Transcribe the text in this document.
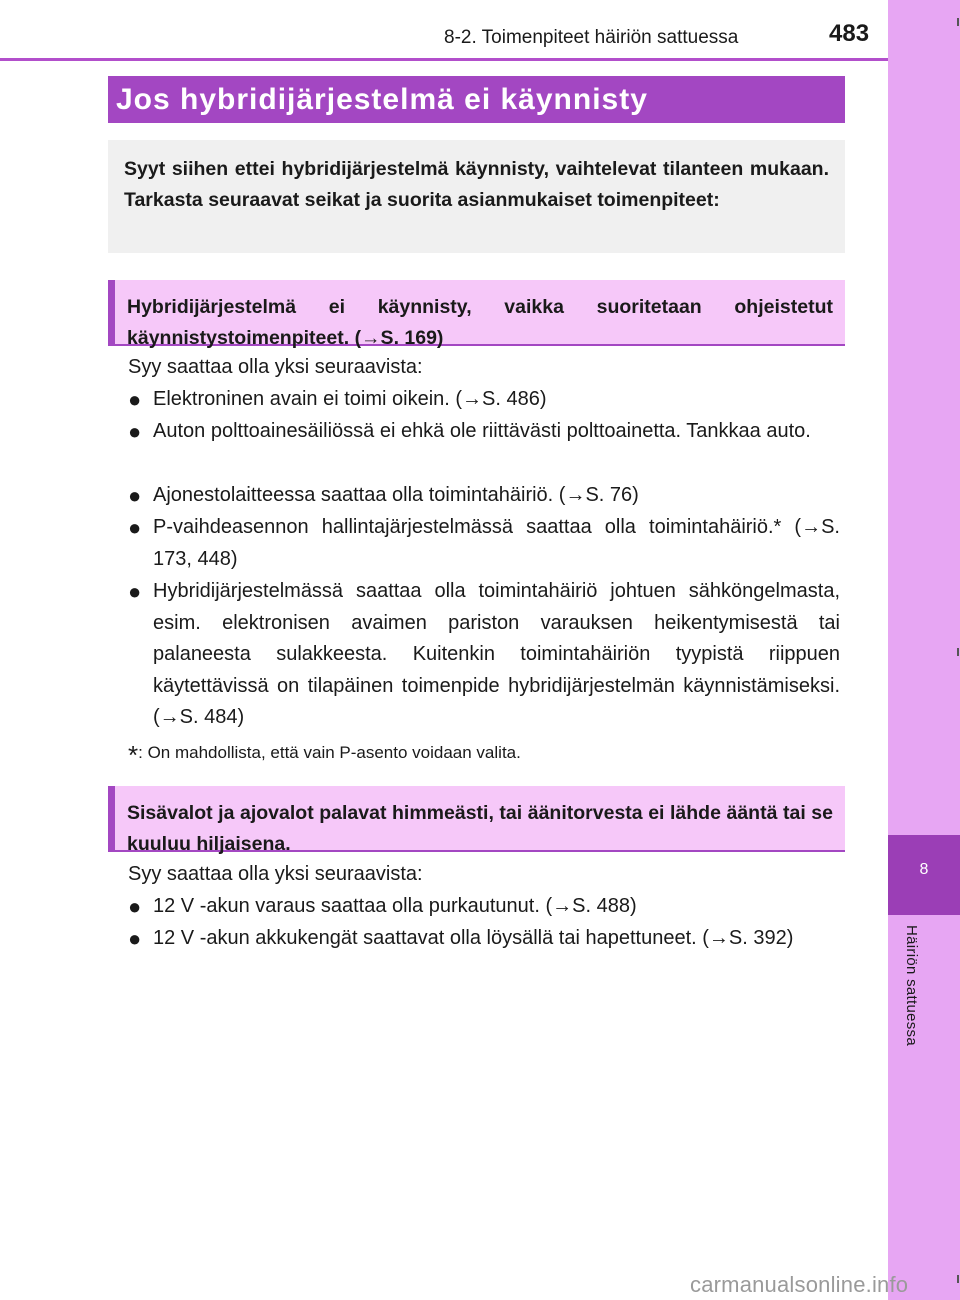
8
Häiriön sattuessa
8-2. Toimenpiteet häiriön sattuessa	483
Jos hybridijärjestelmä ei käynnisty
Syyt siihen ettei hybridijärjestelmä käynnisty, vaihtelevat tilanteen mukaan. Tarkasta seuraavat seikat ja suorita asianmukaiset toimenpiteet:
Hybridijärjestelmä ei käynnisty, vaikka suoritetaan ohjeistetut käynnistystoimenpiteet. (→S. 169)
Syy saattaa olla yksi seuraavista:
● Elektroninen avain ei toimi oikein. (→S. 486)
● Auton polttoainesäiliössä ei ehkä ole riittävästi polttoainetta. Tankkaa auto.
● Ajonestolaitteessa saattaa olla toimintahäiriö. (→S. 76)
● P-vaihdeasennon hallintajärjestelmässä saattaa olla toimintahäiriö.* (→S. 173, 448)
● Hybridijärjestelmässä saattaa olla toimintahäiriö johtuen sähköngelmasta, esim. elektronisen avaimen pariston varauksen heikentymisestä tai palaneesta sulakkeesta. Kuitenkin toimintahäiriön tyypistä riippuen käytettävissä on tilapäinen toimenpide hybridijärjestelmän käynnistämiseksi. (→S. 484)
*: On mahdollista, että vain P-asento voidaan valita.
Sisävalot ja ajovalot palavat himmeästi, tai äänitorvesta ei lähde ääntä tai se kuuluu hiljaisena.
Syy saattaa olla yksi seuraavista:
● 12 V -akun varaus saattaa olla purkautunut. (→S. 488)
● 12 V -akun akkukengät saattavat olla löysällä tai hapettuneet. (→S. 392)
carmanualsonline.info
